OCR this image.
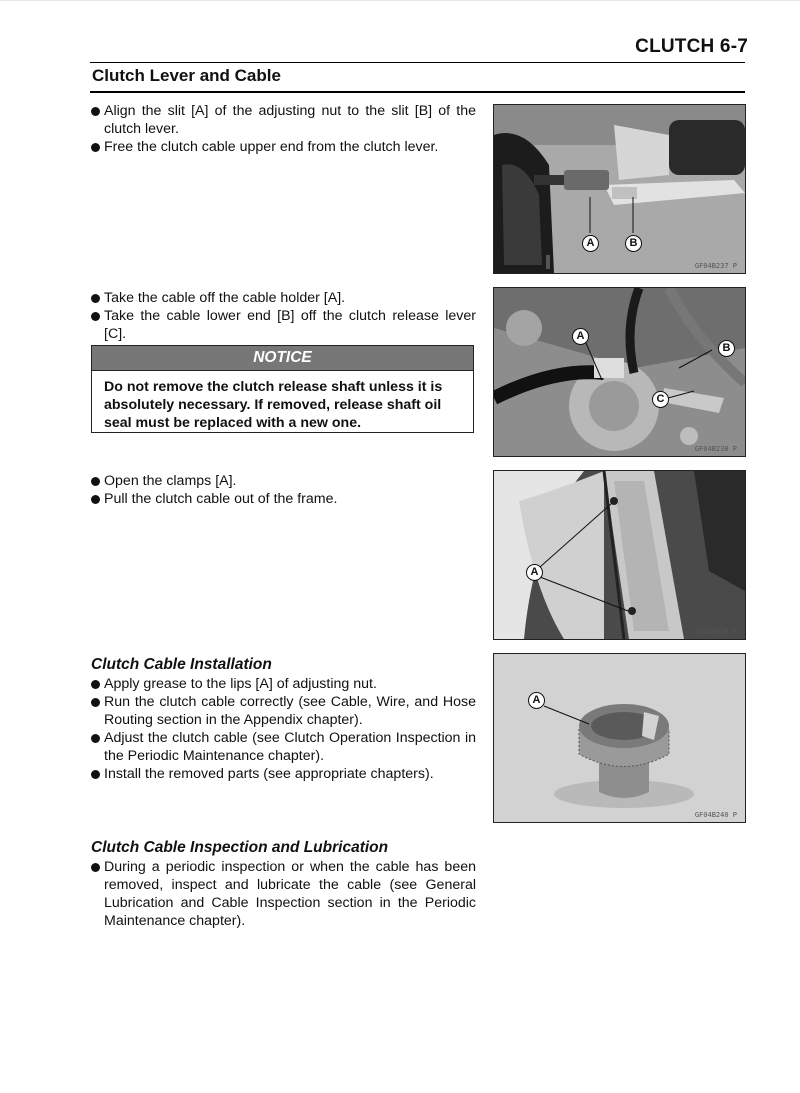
CLUTCH 6-7
Clutch Lever and Cable
Align the slit [A] of the adjusting nut to the slit [B] of the clutch lever.
Free the clutch cable upper end from the clutch lever.
Take the cable off the cable holder [A].
Take the cable lower end [B] off the clutch release lever [C].
NOTICE
Do not remove the clutch release shaft unless it is absolutely necessary. If removed, release shaft oil seal must be replaced with a new one.
Open the clamps [A].
Pull the clutch cable out of the frame.
Clutch Cable Installation
Apply grease to the lips [A] of adjusting nut.
Run the clutch cable correctly (see Cable, Wire, and Hose Routing section in the Appendix chapter).
Adjust the clutch cable (see Clutch Operation Inspection in the Periodic Maintenance chapter).
Install the removed parts (see appropriate chapters).
Clutch Cable Inspection and Lubrication
During a periodic inspection or when the cable has been removed, inspect and lubricate the cable (see General Lubrication and Cable Inspection section in the Periodic Maintenance chapter).
A	B
GF04B237 P
A
B
C
GF04B238 P
A
GF04B239 P
A
GF04B240 P
